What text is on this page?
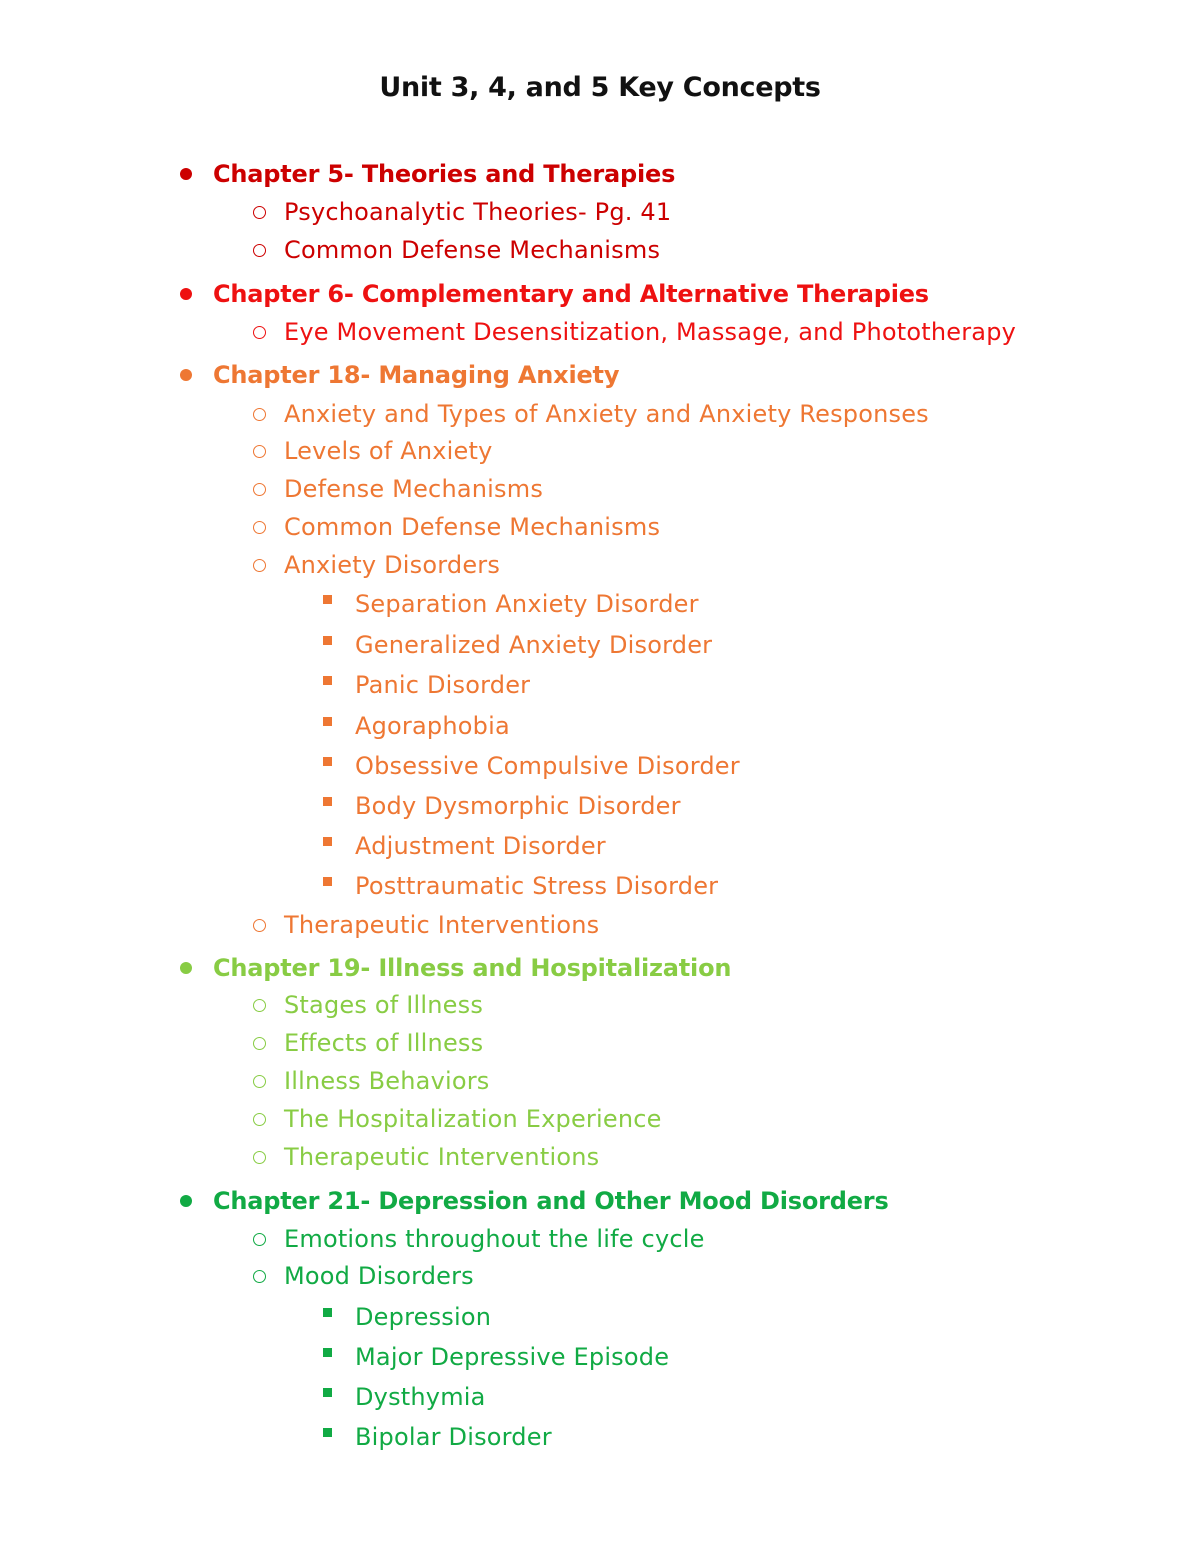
Unit 3, 4, and 5 Key Concepts
Chapter 5- Theories and Therapies
Psychoanalytic Theories- Pg. 41
Common Defense Mechanisms
Chapter 6- Complementary and Alternative Therapies
Eye Movement Desensitization, Massage, and Phototherapy
Chapter 18- Managing Anxiety
Anxiety and Types of Anxiety and Anxiety Responses
Levels of Anxiety
Defense Mechanisms
Common Defense Mechanisms
Anxiety Disorders
Separation Anxiety Disorder
Generalized Anxiety Disorder
Panic Disorder
Agoraphobia
Obsessive Compulsive Disorder
Body Dysmorphic Disorder
Adjustment Disorder
Posttraumatic Stress Disorder
Therapeutic Interventions
Chapter 19- Illness and Hospitalization
Stages of Illness
Effects of Illness
Illness Behaviors
The Hospitalization Experience
Therapeutic Interventions
Chapter 21- Depression and Other Mood Disorders
Emotions throughout the life cycle
Mood Disorders
Depression
Major Depressive Episode
Dysthymia
Bipolar Disorder
